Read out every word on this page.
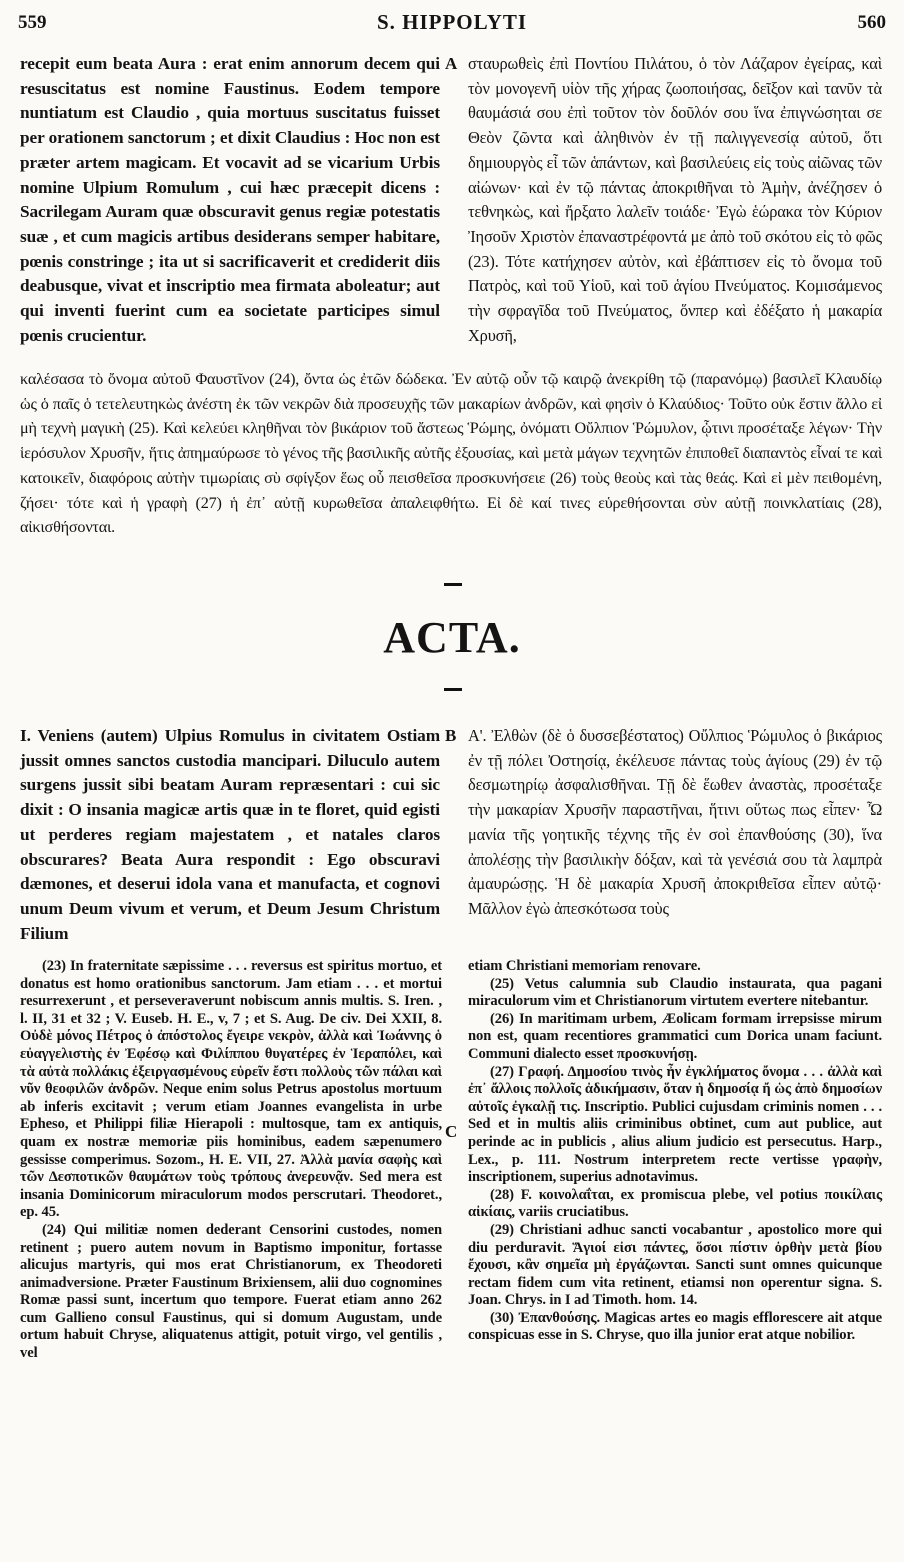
559	S. HIPPOLYTI	560
recepit eum beata Aura : erat enim annorum decem qui resuscitatus est nomine Faustinus. Eodem tempore nuntiatum est Claudio , quia mortuus suscitatus fuisset per orationem sanctorum ; et dixit Claudius : Hoc non est præter artem magicam. Et vocavit ad se vicarium Urbis nomine Ulpium Romulum , cui hæc præcepit dicens : Sacrilegam Auram quæ obscuravit genus regiæ potestatis suæ , et cum magicis artibus desiderans semper habitare, pœnis constringe ; ita ut si sacrificaverit et crediderit diis deabusque, vivat et inscriptio mea firmata aboleatur; aut qui inventi fuerint cum ea societate participes simul pœnis crucientur.
A σταυρωθεὶς ἐπὶ Ποντίου Πιλάτου, ὁ τὸν Λάζαρον ἐγείρας, καὶ τὸν μονογενῆ υἱὸν τῆς χήρας ζωοποιήσας, δεῖξον καὶ τανῦν τὰ θαυμάσιά σου ἐπὶ τοῦτον τὸν δοῦλόν σου ἵνα ἐπιγνώσηται σε Θεὸν ζῶντα καὶ ἀληθινὸν ἐν τῇ παλιγγενεσίᾳ αὐτοῦ, ὅτι δημιουργὸς εἶ τῶν ἁπάντων, καὶ βασιλεύεις εἰς τοὺς αἰῶνας τῶν αἰώνων· καὶ ἐν τῷ πάντας ἀποκριθῆναι τὸ Ἀμὴν, ἀνέζησεν ὁ τεθνηκὼς, καὶ ἤρξατο λαλεῖν τοιάδε· Ἐγὼ ἑώρακα τὸν Κύριον Ἰησοῦν Χριστὸν ἐπαναστρέφοντά με ἀπὸ τοῦ σκότου εἰς τὸ φῶς (23). Τότε κατήχησεν αὐτὸν, καὶ ἐβάπτισεν εἰς τὸ ὄνομα τοῦ Πατρὸς, καὶ τοῦ Υἱοῦ, καὶ τοῦ ἁγίου Πνεύματος. Κομισάμενος τὴν σφραγῖδα τοῦ Πνεύματος, ὅνπερ καὶ ἐδέξατο ἡ μακαρία Χρυσῆ,
καλέσασα τὸ ὄνομα αὐτοῦ Φαυστῖνον (24), ὄντα ὡς ἐτῶν δώδεκα. Ἐν αὐτῷ οὖν τῷ καιρῷ ἀνεκρίθη τῷ (παρανόμῳ) βασιλεῖ Κλαυδίῳ ὡς ὁ παῖς ὁ τετελευτηκὼς ἀνέστη ἐκ τῶν νεκρῶν διὰ προσευχῆς τῶν μακαρίων ἀνδρῶν, καὶ φησὶν ὁ Κλαύδιος· Τοῦτο οὐκ ἔστιν ἄλλο εἰ μὴ τεχνὴ μαγικὴ (25). Καὶ κελεύει κληθῆναι τὸν βικάριον τοῦ ἄστεως Ῥώμης, ὀνόματι Οὔλπιον Ῥώμυλον, ᾧτινι προσέταξε λέγων· Τὴν ἱερόσυλον Χρυσῆν, ἥτις ἀπημαύρωσε τὸ γένος τῆς βασιλικῆς αὐτῆς ἐξουσίας, καὶ μετὰ μάγων τεχνητῶν ἐπιποθεῖ διαπαντὸς εἶναί τε καὶ κατοικεῖν, διαφόροις αὐτὴν τιμωρίαις σὺ σφίγξον ἕως οὗ πεισθεῖσα προσκυνήσειε (26) τοὺς θεοὺς καὶ τὰς θεάς. Καὶ εἰ μὲν πειθομένη, ζήσει· τότε καὶ ἡ γραφὴ (27) ἡ ἐπ᾿ αὐτῇ κυρωθεῖσα ἀπαλειφθήτω. Εἰ δὲ καί τινες εὑρεθήσονται σὺν αὐτῇ ποινκλατίαις (28), αἰκισθήσονται.
ACTA.
I. Veniens (autem) Ulpius Romulus in civitatem Ostiam jussit omnes sanctos custodia mancipari. Diluculo autem surgens jussit sibi beatam Auram repræsentari : cui sic dixit : O insania magicæ artis quæ in te floret, quid egisti ut perderes regiam majestatem , et natales claros obscurares? Beata Aura respondit : Ego obscuravi dæmones, et deserui idola vana et manufacta, et cognovi unum Deum vivum et verum, et Deum Jesum Christum Filium
B Α'. Ἐλθὼν (δὲ ὁ δυσσεβέστατος) Οὔλπιος Ῥώμυλος ὁ βικάριος ἐν τῇ πόλει Ὀστησίᾳ, ἐκέλευσε πάντας τοὺς ἁγίους (29) ἐν τῷ δεσμωτηρίῳ ἀσφαλισθῆναι. Τῇ δὲ ἕωθεν ἀναστὰς, προσέταξε τὴν μακαρίαν Χρυσῆν παραστῆναι, ἥτινι οὕτως πως εἶπεν· Ὦ μανία τῆς γοητικῆς τέχνης τῆς ἐν σοὶ ἐπανθούσης (30), ἵνα ἀπολέσῃς τὴν βασιλικὴν δόξαν, καὶ τὰ γενέσιά σου τὰ λαμπρὰ ἀμαυρώσῃς. Ἡ δὲ μακαρία Χρυσῆ ἀποκριθεῖσα εἶπεν αὐτῷ· Μᾶλλον ἐγὼ ἀπεσκότωσα τοὺς

(23) In fraternitate sæpissime . . . reversus est spiritus mortuo, et donatus est homo orationibus sanctorum. Jam etiam . . . et mortui resurrexerunt , et perseveraverunt nobiscum annis multis. S. Iren. , l. II, 31 et 32 ; V. Euseb. H. E., v, 7 ; et S. Aug. De civ. Dei XXII, 8. Οὐδὲ μόνος Πέτρος ὁ ἀπόστολος ἔγειρε νεκρὸν, ἀλλὰ καὶ Ἰωάννης ὁ εὐαγγελιστὴς ἐν Ἐφέσῳ καὶ Φιλίππου θυγατέρες ἐν Ἱεραπόλει, καὶ τὰ αὐτὰ πολλάκις ἐξειργασμένους εὑρεῖν ἔστι πολλοὺς τῶν πάλαι καὶ νῦν θεοφιλῶν ἀνδρῶν. Neque enim solus Petrus apostolus mortuum ab inferis excitavit ; verum etiam Joannes evangelista in urbe Epheso, et Philippi filiæ Hierapoli : multosque, tam ex antiquis, quam ex nostræ memoriæ piis hominibus, eadem sæpenumero gessisse comperimus. Sozom., H. E. VII, 27. Ἀλλὰ μανία σαφὴς καὶ τῶν Δεσποτικῶν θαυμάτων τοὺς τρόπους ἀνερευνᾷν. Sed mera est insania Dominicorum miraculorum modos perscrutari. Theodoret., ep. 45.

(24) Qui militiæ nomen dederant Censorini custodes, nomen retinent ; puero autem novum in Baptismo imponitur, fortasse alicujus martyris, qui mos erat Christianorum, ex Theodoreti animadversione. Præter Faustinum Brixiensem, alii duo cognomines Romæ passi sunt, incertum quo tempore. Fuerat etiam anno 262 cum Gallieno consul Faustinus, qui si domum Augustam, unde ortum habuit Chryse, aliquatenus attigit, potuit virgo, vel gentilis , vel

C

etiam Christiani memoriam renovare.

(25) Vetus calumnia sub Claudio instaurata, qua pagani miraculorum vim et Christianorum virtutem evertere nitebantur.

(26) In maritimam urbem, Æolicam formam irrepsisse mirum non est, quam recentiores grammatici cum Dorica unam faciunt. Communi dialecto esset προσκυνήσῃ.

(27) Γραφή. Δημοσίου τινὸς ἦν ἐγκλήματος ὄνομα . . . ἀλλὰ καὶ ἐπ᾿ ἄλλοις πολλοῖς ἀδικήμασιν, ὅταν ἡ δημοσίᾳ ἤ ὡς ἀπὸ δημοσίων αὐτοῖς ἐγκαλῇ τις. Inscriptio. Publici cujusdam criminis nomen . . . Sed et in multis aliis criminibus obtinet, cum aut publice, aut perinde ac in publicis , alius alium judicio est persecutus. Harp., Lex., p. 111. Nostrum interpretem recte vertisse γραφὴν, inscriptionem, superius adnotavimus.

(28) F. κοινολαΐται, ex promiscua plebe, vel potius ποικίλαις αἰκίαις, variis cruciatibus.

(29) Christiani adhuc sancti vocabantur , apostolico more qui diu perduravit. Ἅγιοί εἰσι πάντες, ὅσοι πίστιν ὀρθὴν μετὰ βίου ἔχουσι, κἂν σημεῖα μὴ ἐργάζωνται. Sancti sunt omnes quicunque rectam fidem cum vita retinent, etiamsi non operentur signa. S. Joan. Chrys. in I ad Timoth. hom. 14.

(30) Ἐπανθούσης. Magicas artes eo magis efflorescere ait atque conspicuas esse in S. Chryse, quo illa junior erat atque nobilior.
